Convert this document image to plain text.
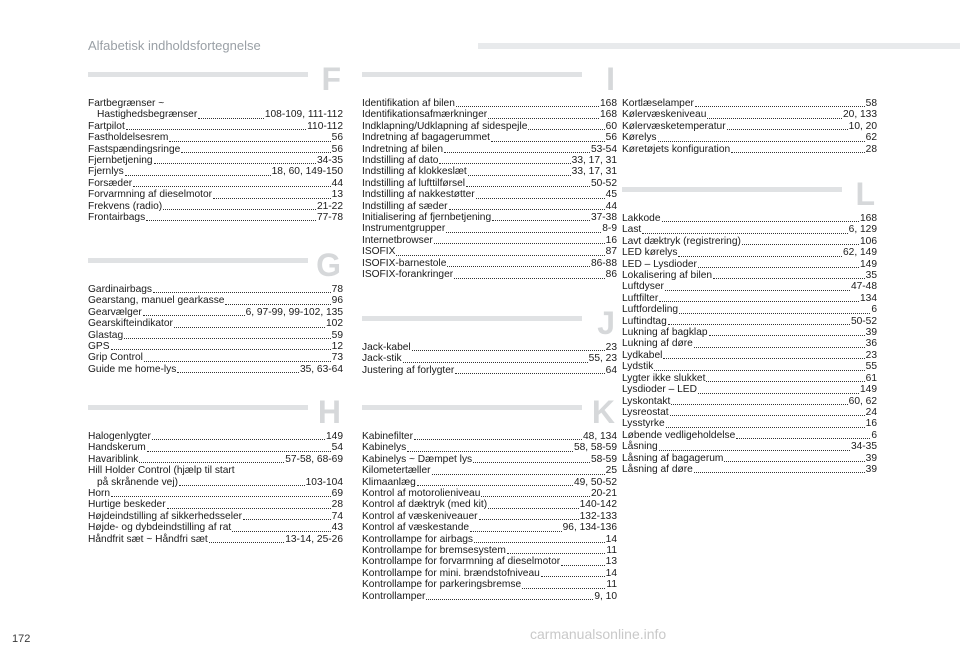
Alfabetisk indholdsfortegnelse
F
Fartbegrænser ~
Hastighedsbegrænser	108-109, 111-112
Fartpilot	110-112
Fastholdelsesrem	56
Fastspændingsringe	56
Fjernbetjening	34-35
Fjernlys	18, 60, 149-150
Forsæder	44
Forvarmning af dieselmotor	13
Frekvens (radio)	21-22
Frontairbags	77-78
G
Gardinairbags	78
Gearstang, manuel gearkasse	96
Gearvælger	6, 97-99, 99-102, 135
Gearskifteindikator	102
Glastag	59
GPS	12
Grip Control	73
Guide me home-lys	35, 63-64
H
Halogenlygter	149
Handskerum	54
Havariblink	57-58, 68-69
Hill Holder Control (hjælp til start
på skrånende vej)	103-104
Horn	69
Hurtige beskeder	28
Højdeindstilling af sikkerhedsseler	74
Højde- og dybdeindstilling af rat	43
Håndfrit sæt ~ Håndfri sæt	13-14, 25-26
I
Identifikation af bilen	168
Identifikationsafmærkninger	168
Indklapning/Udklapning af sidespejle	60
Indretning af bagagerummet	56
Indretning af bilen	53-54
Indstilling af dato	33, 17, 31
Indstilling af klokkeslæt	33, 17, 31
Indstilling af lufttilførsel	50-52
Indstilling af nakkestøtter	45
Indstilling af sæder	44
Initialisering af fjernbetjening	37-38
Instrumentgrupper	8-9
Internetbrowser	16
ISOFIX	87
ISOFIX-barnestole	86-88
ISOFIX-forankringer	86
J
Jack-kabel	23
Jack-stik	55, 23
Justering af forlygter	64
K
Kabinefilter	48, 134
Kabinelys	58, 58-59
Kabinelys ~ Dæmpet lys	58-59
Kilometertæller	25
Klimaanlæg	49, 50-52
Kontrol af motorolieniveau	20-21
Kontrol af dæktryk (med kit)	140-142
Kontrol af væskeniveauer	132-133
Kontrol af væskestande	96, 134-136
Kontrollampe for airbags	14
Kontrollampe for bremsesystem	11
Kontrollampe for forvarmning af dieselmotor	13
Kontrollampe for mini. brændstofniveau	14
Kontrollampe for parkeringsbremse	11
Kontrollamper	9, 10
Kortlæselamper	58
Kølervæskeniveau	20, 133
Kølervæsketemperatur	10, 20
Kørelys	62
Køretøjets konfiguration	28
L
Lakkode	168
Last	6, 129
Lavt dæktryk (registrering)	106
LED kørelys	62, 149
LED – Lysdioder	149
Lokalisering af bilen	35
Luftdyser	47-48
Luftfilter	134
Luftfordeling	6
Luftindtag	50-52
Lukning af bagklap	39
Lukning af døre	36
Lydkabel	23
Lydstik	55
Lygter ikke slukket	61
Lysdioder – LED	149
Lyskontakt	60, 62
Lysreostat	24
Lysstyrke	16
Løbende vedligeholdelse	6
Låsning	34-35
Låsning af bagagerum	39
Låsning af døre	39
172	carmanualsonline.info
